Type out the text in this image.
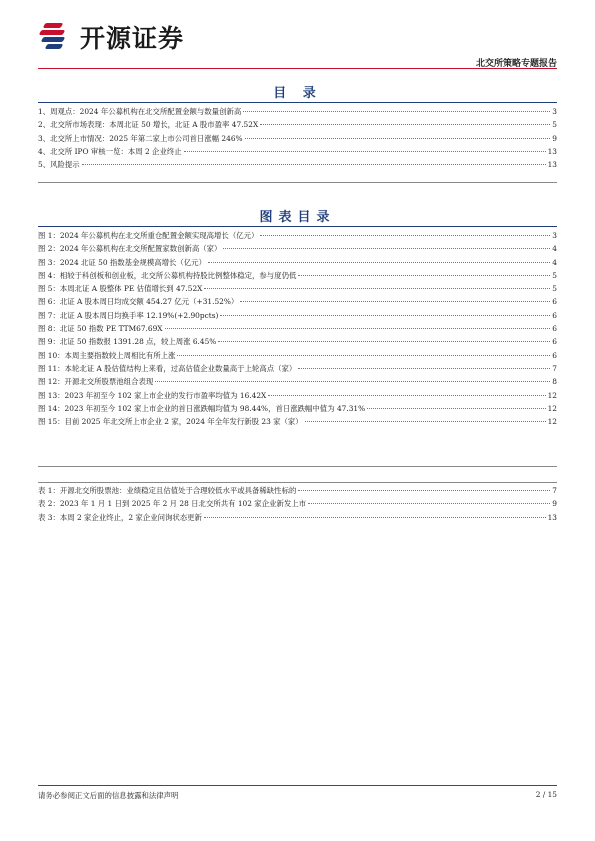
开源证券
北交所策略专题报告
目 录
1、 周观点：2024 年公募机构在北交所配置金额与数量创新高	3
2、 北交所市场表现：本周北证 50 增长，北证 A 股市盈率 47.52X	5
3、 北交所上市情况：2025 年第二家上市公司首日涨幅 246%	9
4、 北交所 IPO 审核一览：本周 2 企业终止	13
5、 风险提示	13
图表目录
图 1： 2024 年公募机构在北交所重仓配置金额实现高增长（亿元）	3
图 2： 2024 年公募机构在北交所配置家数创新高（家）	4
图 3： 2024 北证 50 指数基金规模高增长（亿元）	4
图 4： 相较于科创板和创业板，北交所公募机构持股比例整体稳定，参与度仍低	5
图 5： 本周北证 A 股整体 PE 估值增长到 47.52X	5
图 6： 北证 A 股本周日均成交额 454.27 亿元（+31.52%）	6
图 7： 北证 A 股本周日均换手率 12.19%(+2.90pcts)	6
图 8： 北证 50 指数 PE TTM67.69X	6
图 9： 北证 50 指数报 1391.28 点，较上周涨 6.45%	6
图 10： 本周主要指数较上周相比有所上涨	6
图 11： 本轮北证 A 股估值结构上来看，过高估值企业数量高于上轮高点（家）	7
图 12： 开源北交所股票池组合表现	8
图 13： 2023 年初至今 102 家上市企业的发行市盈率均值为 16.42X	12
图 14： 2023 年初至今 102 家上市企业的首日涨跌幅均值为 98.44%，首日涨跌幅中值为 47.31%	12
图 15： 目前 2025 年北交所上市企业 2 家，2024 年全年发行新股 23 家（家）	12
表 1： 开源北交所股票池：业绩稳定且估值处于合理较低水平或具备稀缺性标的	7
表 2： 2023 年 1 月 1 日到 2025 年 2 月 28 日北交所共有 102 家企业新发上市	9
表 3： 本周 2 家企业终止，2 家企业问询状态更新	13
请务必参阅正文后面的信息披露和法律声明	2 / 15
